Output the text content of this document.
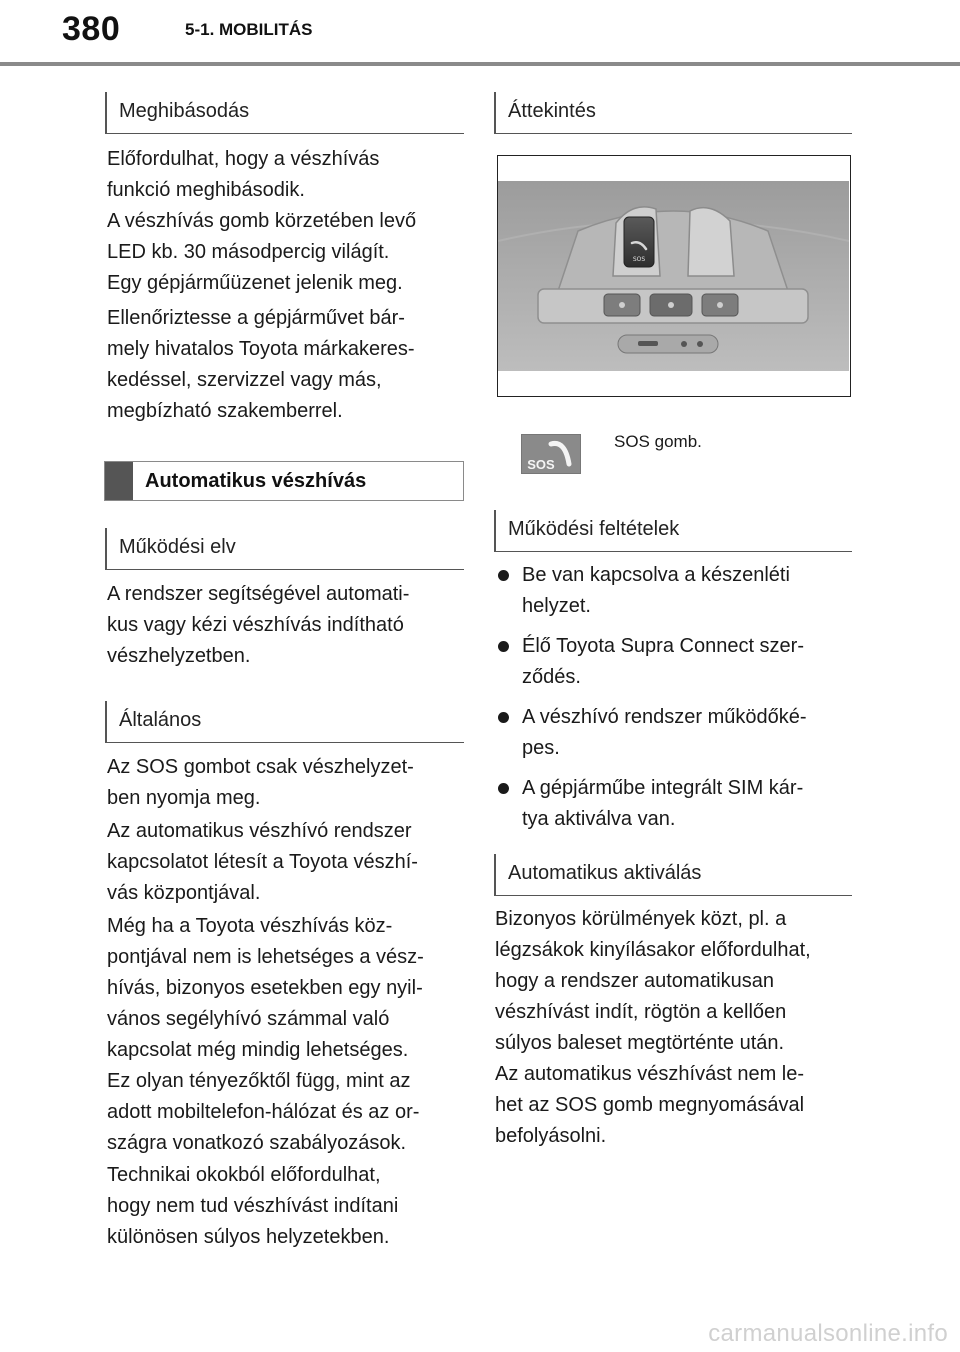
380	5-1. MOBILITÁS
Meghibásodás

Előfordulhat, hogy a vészhívás
funkció meghibásodik.

A vészhívás gomb körzetében levő
LED kb. 30 másodpercig világít.
Egy gépjárműüzenet jelenik meg.

Ellenőriztesse a gépjárművet bár-
mely hivatalos Toyota márkakeres-
kedéssel, szervizzel vagy más,
megbízható szakemberrel.

Automatikus vészhívás
Működési elv

A rendszer segítségével automati-
kus vagy kézi vészhívás indítható
vészhelyzetben.

Általános

Az SOS gombot csak vészhelyzet-
ben nyomja meg.

Az automatikus vészhívó rendszer
kapcsolatot létesít a Toyota vészhí-
vás központjával.

Még ha a Toyota vészhívás köz-
pontjával nem is lehetséges a vész-
hívás, bizonyos esetekben egy nyil-
vános segélyhívó számmal való
kapcsolat még mindig lehetséges.
Ez olyan tényezőktől függ, mint az
adott mobiltelefon-hálózat és az or-
szágra vonatkozó szabályozások.

Technikai okokból előfordulhat,
hogy nem tud vészhívást indítani
különösen súlyos helyzetekben.

Áttekintés
SOS
SOS
SOS gomb.
Működési feltételek
Be van kapcsolva a készenléti
helyzet.
Élő Toyota Supra Connect szer-
ződés.
A vészhívó rendszer működőké-
pes.
A gépjárműbe integrált SIM kár-
tya aktiválva van.
Automatikus aktiválás

Bizonyos körülmények közt, pl. a
légzsákok kinyílásakor előfordulhat,
hogy a rendszer automatikusan
vészhívást indít, rögtön a kellően
súlyos baleset megtörténte után.
Az automatikus vészhívást nem le-
het az SOS gomb megnyomásával
befolyásolni.

carmanualsonline.info
